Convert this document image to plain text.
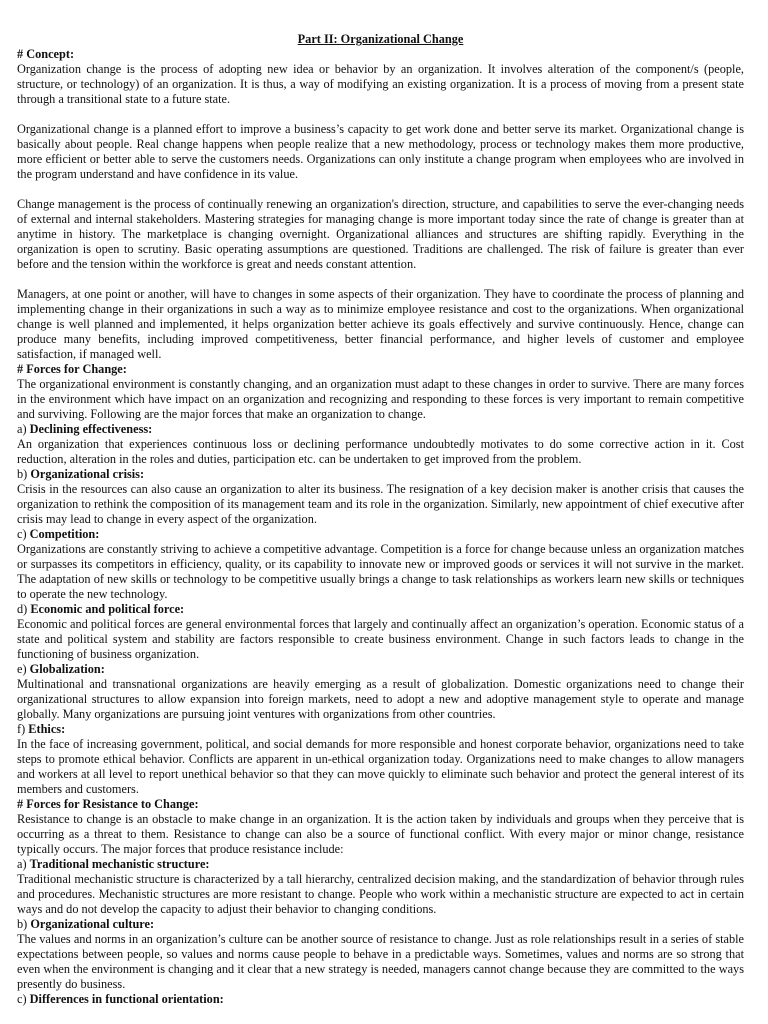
Part II: Organizational Change

# Concept:

Organization change is the process of adopting new idea or behavior by an organization. It involves alteration of the component/s (people, structure, or technology) of an organization. It is thus, a way of modifying an existing organization. It is a process of moving from a present state through a transitional state to a future state.

Organizational change is a planned effort to improve a business’s capacity to get work done and better serve its market. Organizational change is basically about people. Real change happens when people realize that a new methodology, process or technology makes them more productive, more efficient or better able to serve the customers needs. Organizations can only institute a change program when employees who are involved in the program understand and have confidence in its value.

Change management is the process of continually renewing an organization's direction, structure, and capabilities to serve the ever-changing needs of external and internal stakeholders. Mastering strategies for managing change is more important today since the rate of change is greater than at anytime in history. The marketplace is changing overnight. Organizational alliances and structures are shifting rapidly. Everything in the organization is open to scrutiny. Basic operating assumptions are questioned. Traditions are challenged. The risk of failure is greater than ever before and the tension within the workforce is great and needs constant attention.

Managers, at one point or another, will have to changes in some aspects of their organization. They have to coordinate the process of planning and implementing change in their organizations in such a way as to minimize employee resistance and cost to the organizations. When organizational change is well planned and implemented, it helps organization better achieve its goals effectively and survive continuously. Hence, change can produce many benefits, including improved competitiveness, better financial performance, and higher levels of customer and employee satisfaction, if managed well.

# Forces for Change:

The organizational environment is constantly changing, and an organization must adapt to these changes in order to survive. There are many forces in the environment which have impact on an organization and recognizing and responding to these forces is very important to remain competitive and surviving. Following are the major forces that make an organization to change.

a) Declining effectiveness:

An organization that experiences continuous loss or declining performance undoubtedly motivates to do some corrective action in it. Cost reduction, alteration in the roles and duties, participation etc. can be undertaken to get improved from the problem.

b) Organizational crisis:

Crisis in the resources can also cause an organization to alter its business. The resignation of a key decision maker is another crisis that causes the organization to rethink the composition of its management team and its role in the organization. Similarly, new appointment of chief executive after crisis may lead to change in every aspect of the organization.

c) Competition:

Organizations are constantly striving to achieve a competitive advantage. Competition is a force for change because unless an organization matches or surpasses its competitors in efficiency, quality, or its capability to innovate new or improved goods or services it will not survive in the market. The adaptation of new skills or technology to be competitive usually brings a change to task relationships as workers learn new skills or techniques to operate the new technology.

d) Economic and political force:

Economic and political forces are general environmental forces that largely and continually affect an organization’s operation. Economic status of a state and political system and stability are factors responsible to create business environment. Change in such factors leads to change in the functioning of business organization.

e) Globalization:

Multinational and transnational organizations are heavily emerging as a result of globalization. Domestic organizations need to change their organizational structures to allow expansion into foreign markets, need to adopt a new and adoptive management style to operate and manage globally. Many organizations are pursuing joint ventures with organizations from other countries.

f) Ethics:

In the face of increasing government, political, and social demands for more responsible and honest corporate behavior, organizations need to take steps to promote ethical behavior. Conflicts are apparent in un-ethical organization today. Organizations need to make changes to allow managers and workers at all level to report unethical behavior so that they can move quickly to eliminate such behavior and protect the general interest of its members and customers.

# Forces for Resistance to Change:

Resistance to change is an obstacle to make change in an organization. It is the action taken by individuals and groups when they perceive that is occurring as a threat to them. Resistance to change can also be a source of functional conflict. With every major or minor change, resistance typically occurs. The major forces that produce resistance include:

a) Traditional mechanistic structure:

Traditional mechanistic structure is characterized by a tall hierarchy, centralized decision making, and the standardization of behavior through rules and procedures. Mechanistic structures are more resistant to change. People who work within a mechanistic structure are expected to act in certain ways and do not develop the capacity to adjust their behavior to changing conditions.

b) Organizational culture:

The values and norms in an organization’s culture can be another source of resistance to change. Just as role relationships result in a series of stable expectations between people, so values and norms cause people to behave in a predictable ways. Sometimes, values and norms are so strong that even when the environment is changing and it clear that a new strategy is needed, managers cannot change because they are committed to the ways presently do business.

c) Differences in functional orientation:
